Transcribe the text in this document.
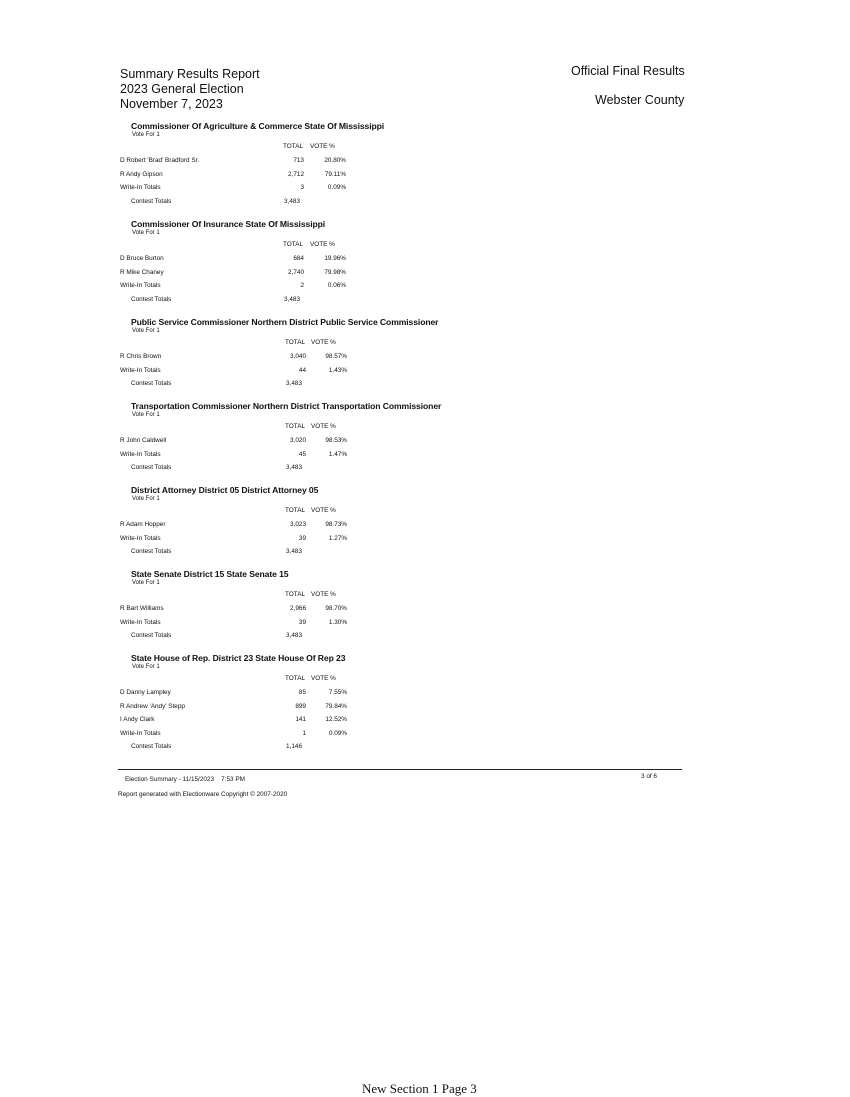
Summary Results Report
2023 General Election
November 7, 2023
Official Final Results
Webster County
Commissioner Of Agriculture & Commerce State Of Mississippi
Vote For 1
TOTAL VOTE %
D Robert 'Brad' Bradford Sr.	713	20.80%
R Andy Gipson	2,712	79.11%
Write-In Totals	3	0.09%
Contest Totals	3,483
Commissioner Of Insurance State Of Mississippi
Vote For 1
TOTAL VOTE %
D Bruce Burton	684	19.96%
R Mike Chaney	2,740	79.98%
Write-In Totals	2	0.06%
Contest Totals	3,483
Public Service Commissioner Northern District Public Service Commissioner
Vote For 1
TOTAL VOTE %
R Chris Brown	3,040	98.57%
Write-In Totals	44	1.43%
Contest Totals	3,483
Transportation Commissioner Northern District Transportation Commissioner
Vote For 1
TOTAL VOTE %
R John Caldwell	3,020	98.53%
Write-In Totals	45	1.47%
Contest Totals	3,483
District Attorney District 05 District Attorney 05
Vote For 1
TOTAL VOTE %
R Adam Hopper	3,023	98.73%
Write-In Totals	39	1.27%
Contest Totals	3,483
State Senate District 15 State Senate 15
Vote For 1
TOTAL VOTE %
R Bart Williams	2,966	98.70%
Write-In Totals	39	1.30%
Contest Totals	3,483
State House of Rep. District 23 State House Of Rep 23
Vote For 1
TOTAL VOTE %
D Danny Lampley	85	7.55%
R Andrew 'Andy' Stepp	899	79.84%
I Andy Clark	141	12.52%
Write-In Totals	1	0.09%
Contest Totals	1,146
Election Summary - 11/15/2023    7:53 PM
Report generated with Electionware Copyright © 2007-2020
3 of 6
New Section 1 Page 3
